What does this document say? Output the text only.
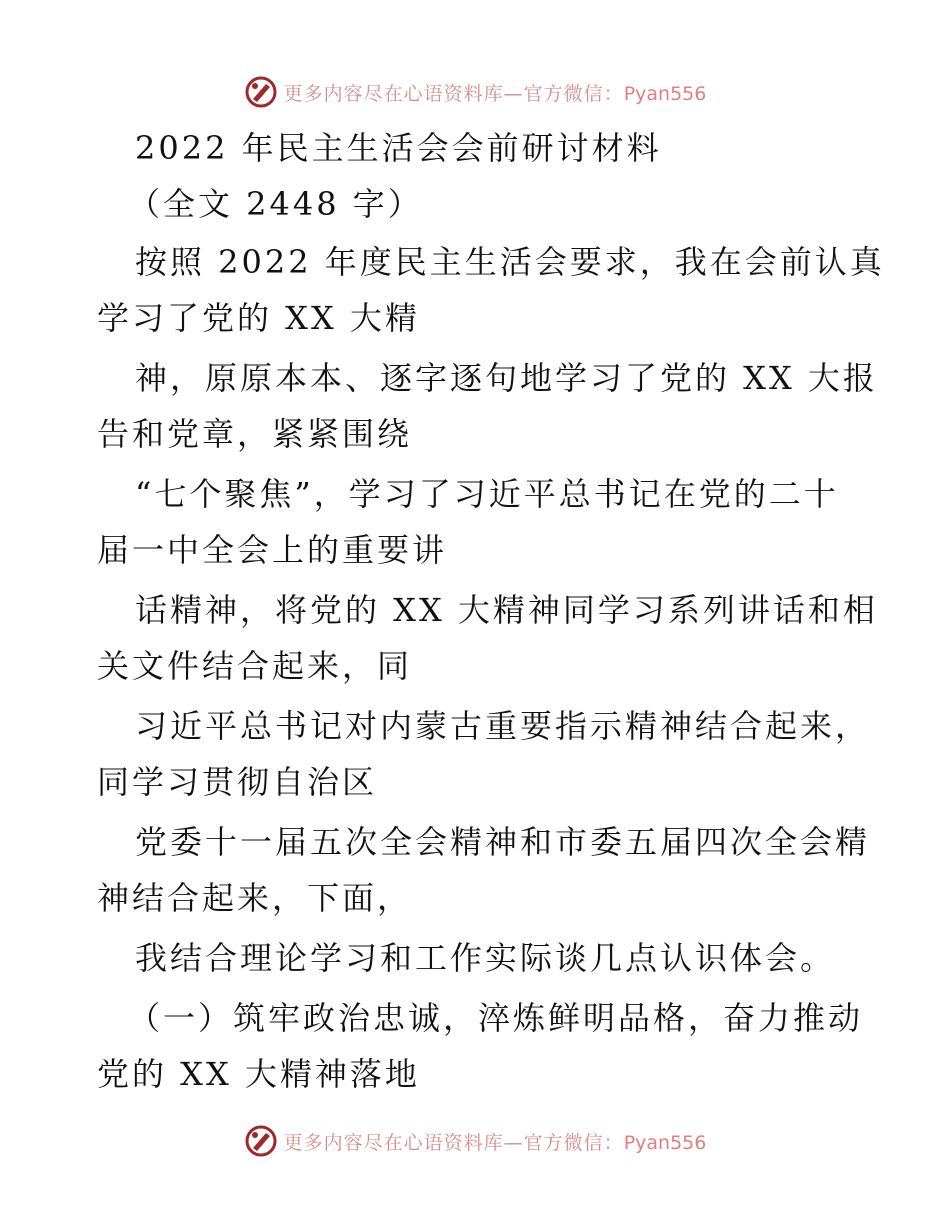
更多内容尽在心语资料库—官方微信：Pyan556
2022 年民主生活会会前研讨材料
（全文 2448 字）
按照 2022 年度民主生活会要求，我在会前认真
学习了党的 XX 大精
神，原原本本、逐字逐句地学习了党的 XX 大报
告和党章，紧紧围绕
“七个聚焦”，学习了习近平总书记在党的二十
届一中全会上的重要讲
话精神，将党的 XX 大精神同学习系列讲话和相
关文件结合起来，同
习近平总书记对内蒙古重要指示精神结合起来，
同学习贯彻自治区
党委十一届五次全会精神和市委五届四次全会精
神结合起来，下面，
我结合理论学习和工作实际谈几点认识体会。
（一）筑牢政治忠诚，淬炼鲜明品格，奋力推动
党的 XX 大精神落地
更多内容尽在心语资料库—官方微信：Pyan556
